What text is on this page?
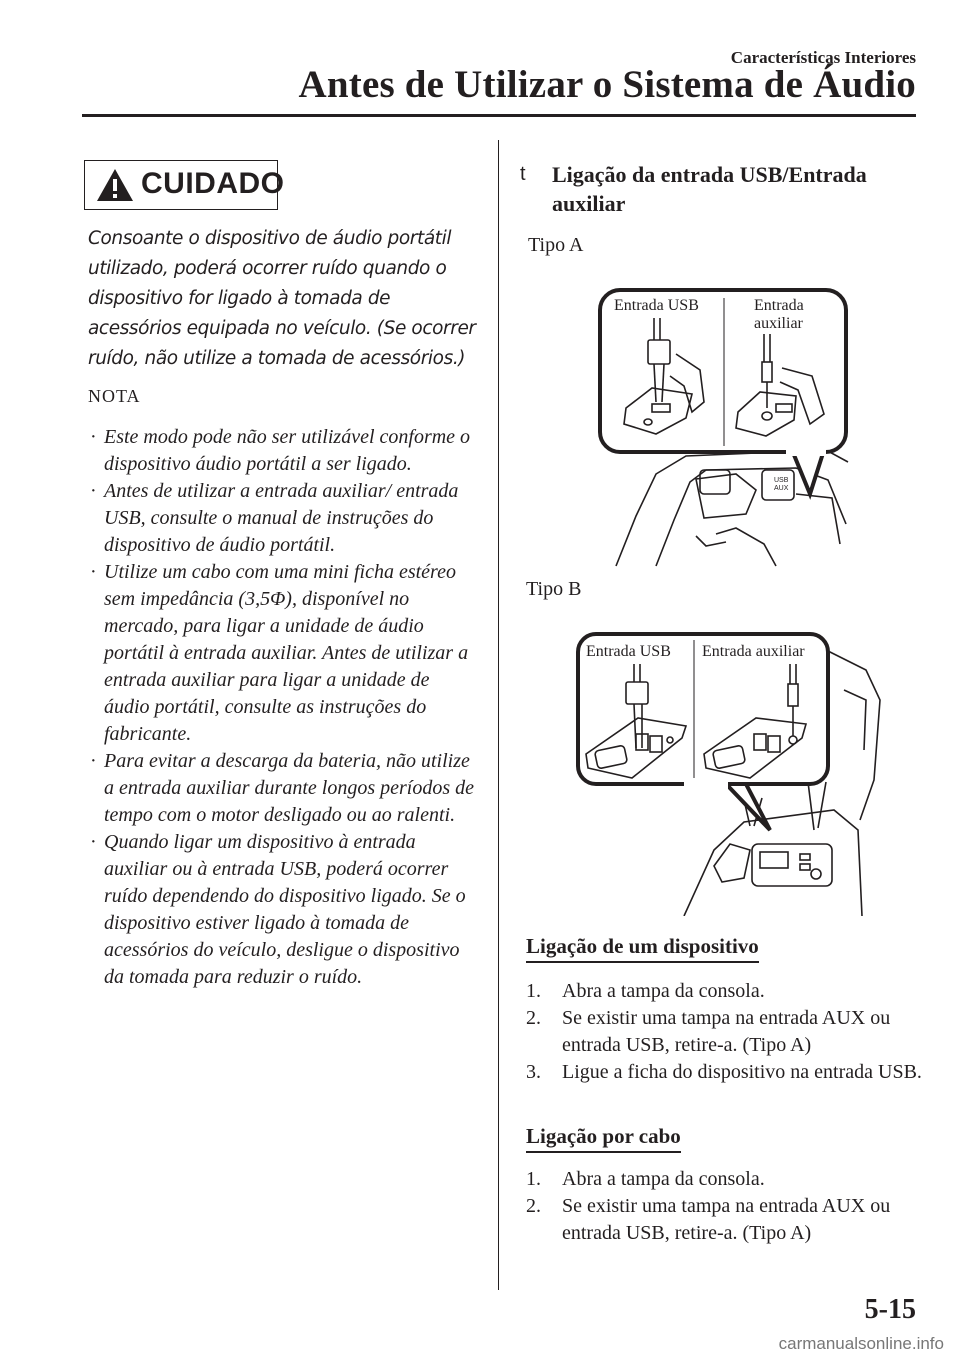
Características Interiores
Antes de Utilizar o Sistema de Áudio
CUIDADO
Consoante o dispositivo de áudio portátil utilizado, poderá ocorrer ruído quando o dispositivo for ligado à tomada de acessórios equipada no veículo. (Se ocorrer ruído, não utilize a tomada de acessórios.)
NOTA
· Este modo pode não ser utilizável conforme o dispositivo áudio portátil a ser ligado.
· Antes de utilizar a entrada auxiliar/ entrada USB, consulte o manual de instruções do dispositivo de áudio portátil.
· Utilize um cabo com uma mini ficha estéreo sem impedância (3,5Φ), disponível no mercado, para ligar a unidade de áudio portátil à entrada auxiliar. Antes de utilizar a entrada auxiliar para ligar a unidade de áudio portátil, consulte as instruções do fabricante.
· Para evitar a descarga da bateria, não utilize a entrada auxiliar durante longos períodos de tempo com o motor desligado ou ao ralenti.
· Quando ligar um dispositivo à entrada auxiliar ou à entrada USB, poderá ocorrer ruído dependendo do dispositivo ligado. Se o dispositivo estiver ligado à tomada de acessórios do veículo, desligue o dispositivo da tomada para reduzir o ruído.
t	Ligação da entrada USB/Entrada auxiliar
Tipo A
USB
AUX
Entrada USB	Entrada
auxiliar
Tipo B
Entrada USB Entrada auxiliar
Ligação de um dispositivo
1. Abra a tampa da consola.
2. Se existir uma tampa na entrada AUX ou entrada USB, retire-a. (Tipo A)
3. Ligue a ficha do dispositivo na entrada USB.
Ligação por cabo
1. Abra a tampa da consola.
2. Se existir uma tampa na entrada AUX ou entrada USB, retire-a. (Tipo A)
5-15
carmanualsonline.info
